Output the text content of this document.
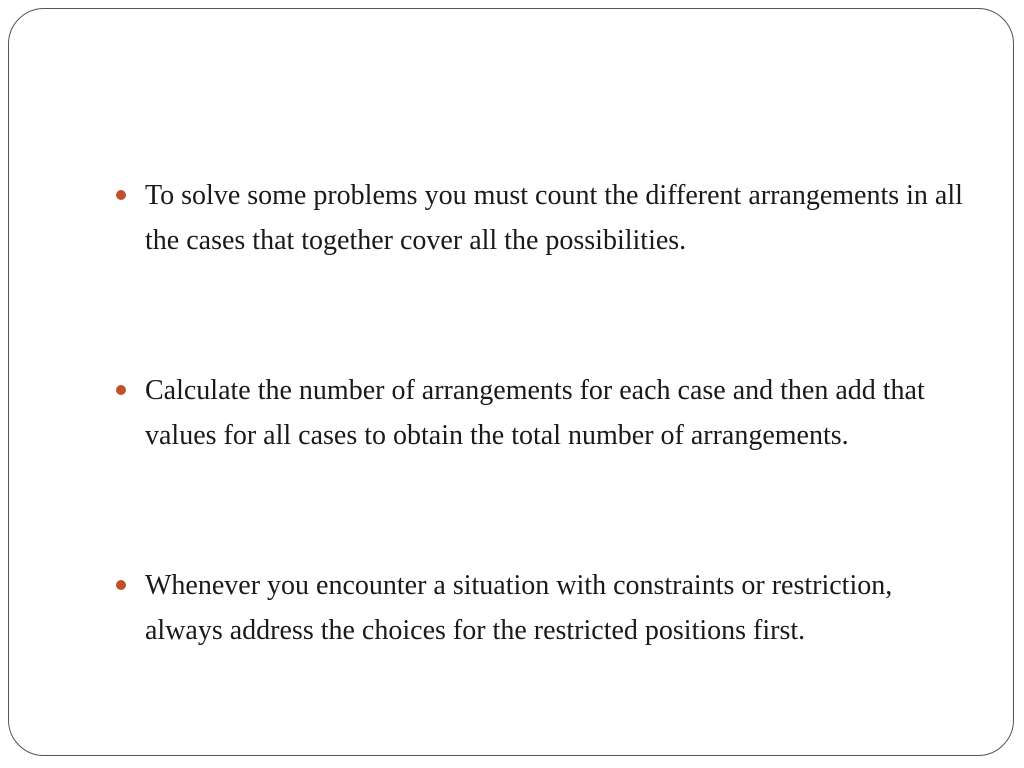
To solve some problems you must count the different arrangements in all the cases that together cover all the possibilities.
Calculate the number of arrangements for each case and then add that values for all cases to obtain the total number of arrangements.
Whenever you encounter a situation with constraints or restriction, always address the choices for the restricted positions first.
